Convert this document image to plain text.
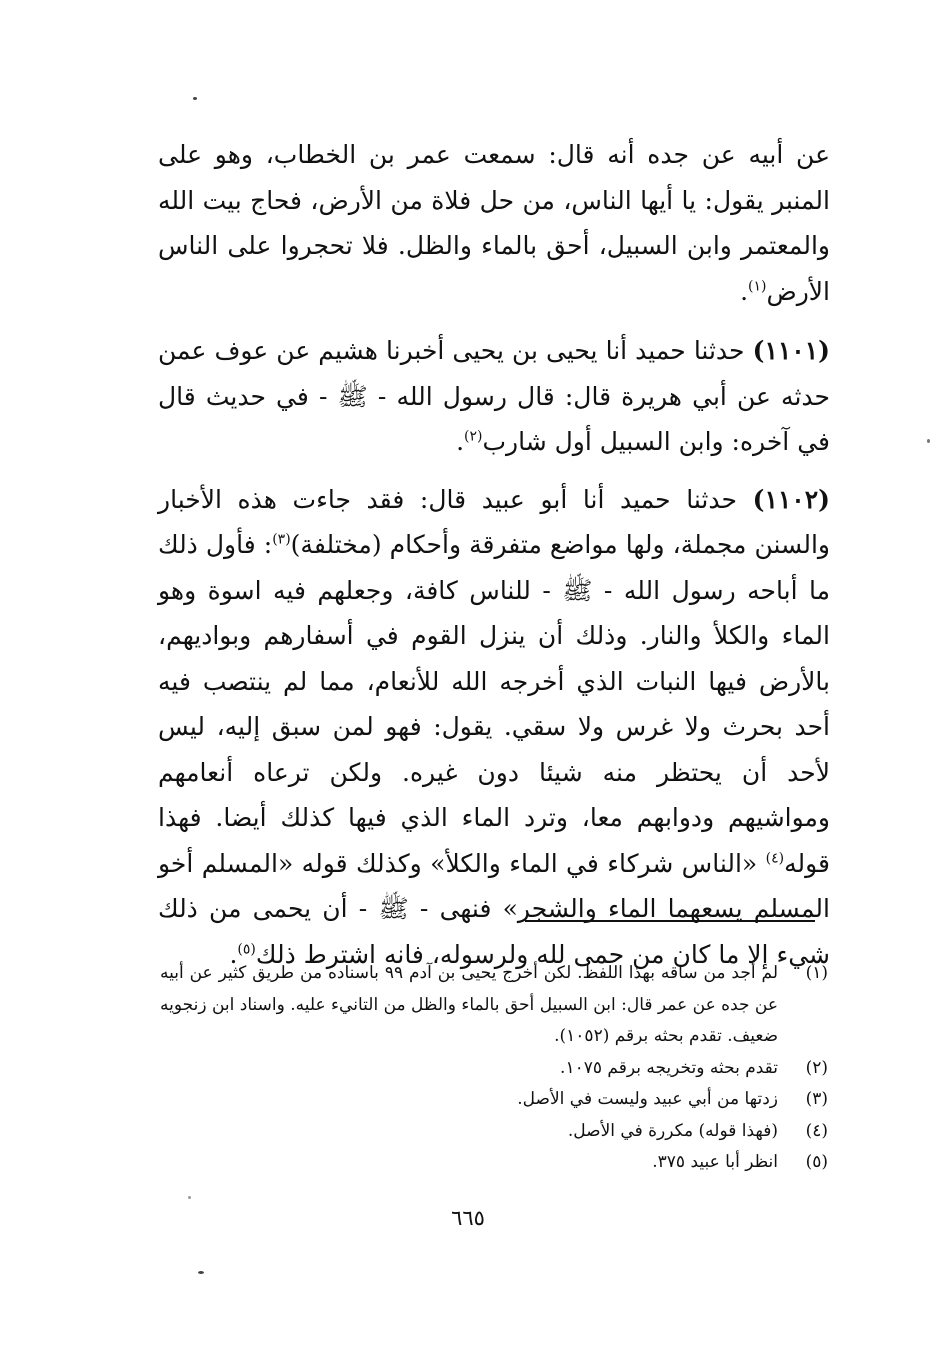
عن أبيه عن جده أنه قال: سمعت عمر بن الخطاب، وهو على المنبر يقول: يا أيها الناس، من حل فلاة من الأرض، فحاج بيت الله والمعتمر وابن السبيل، أحق بالماء والظل. فلا تحجروا على الناس الأرض$^{(١)}$.

(١١٠١) حدثنا حميد أنا يحيى بن يحيى أخبرنا هشيم عن عوف عمن حدثه عن أبي هريرة قال: قال رسول الله - ﷺ - في حديث قال في آخره: وابن السبيل أول شارب$^{(٢)}$.

(١١٠٢) حدثنا حميد أنا أبو عبيد قال: فقد جاءت هذه الأخبار والسنن مجملة، ولها مواضع متفرقة وأحكام (مختلفة)$^{(٣)}$: فأول ذلك ما أباحه رسول الله - ﷺ - للناس كافة، وجعلهم فيه اسوة وهو الماء والكلأ والنار. وذلك أن ينزل القوم في أسفارهم وبواديهم، بالأرض فيها النبات الذي أخرجه الله للأنعام، مما لم ينتصب فيه أحد بحرث ولا غرس ولا سقي. يقول: فهو لمن سبق إليه، ليس لأحد أن يحتظر منه شيئا دون غيره. ولكن ترعاه أنعامهم ومواشيهم ودوابهم معا، وترد الماء الذي فيها كذلك أيضا. فهذا قوله$^{(٤)}$ «الناس شركاء في الماء والكلأ» وكذلك قوله «المسلم أخو المسلم يسعهما الماء والشجر» فنهى - ﷺ - أن يحمى من ذلك شيء إلا ما كان من حمى لله ولرسوله، فانه اشترط ذلك$^{(٥)}$.

(١)
لم أجد من ساقه بهذا اللفظ. لكن أخرج يحيى بن آدم ٩٩ باسناده من طريق كثير عن أبيه عن جده عن عمر قال: ابن السبيل أحق بالماء والظل من التانيء عليه. واسناد ابن زنجويه ضعيف. تقدم بحثه برقم (١٠٥٢).
(٢)
تقدم بحثه وتخريجه برقم ١٠٧٥.
(٣)
زدتها من أبي عبيد وليست في الأصل.
(٤)
(فهذا قوله) مكررة في الأصل.
(٥)
انظر أبا عبيد ٣٧٥.
٦٦٥
